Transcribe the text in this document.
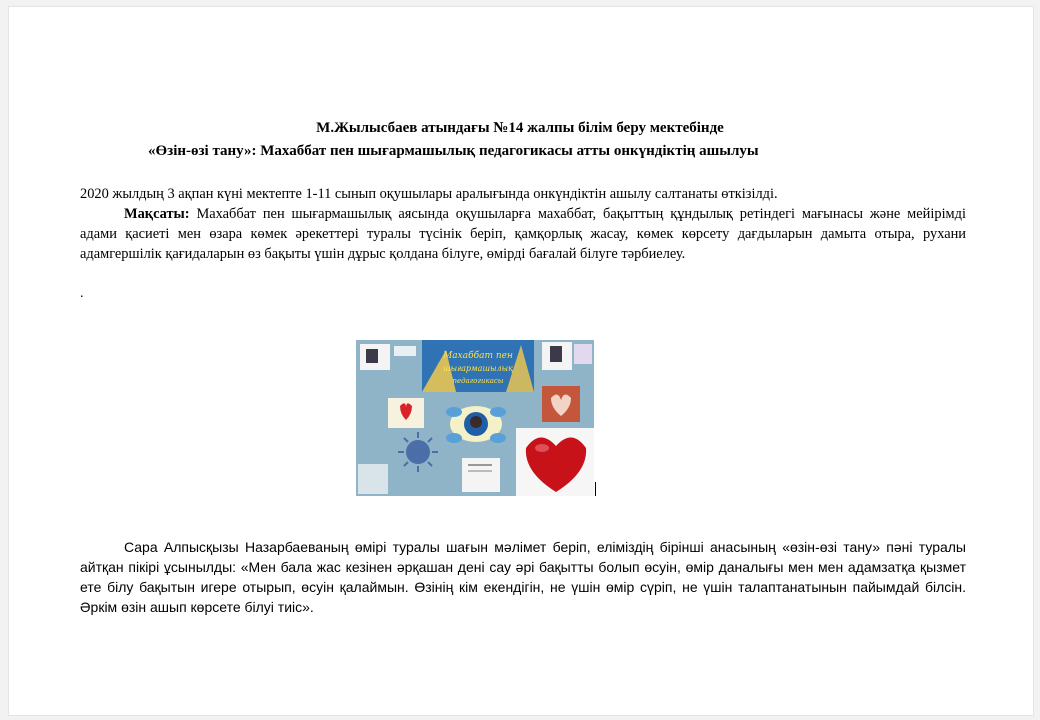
М.Жылысбаев атындағы №14 жалпы білім беру мектебінде
«Өзін-өзі тану»: Махаббат пен шығармашылық педагогикасы атты онкүндіктің ашылуы
2020 жылдың 3 ақпан күні мектепте 1-11 сынып оқушылары аралығында онкүндіктін ашылу салтанаты өткізілді.
Мақсаты: Махаббат пен шығармашылық аясында оқушыларға махаббат, бақыттың құндылық ретіндегі мағынасы және мейірімді адами қасиеті мен өзара көмек әрекеттері туралы түсінік беріп, қамқорлық жасау, көмек көрсету дағдыларын дамыта отыра, рухани адамгершілік қағидаларын өз бақыты үшін дұрыс қолдана білуге, өмірді бағалай білуге тәрбиелеу.
.
Махаббат пен
шығармашылық
педагогикасы
Сара Алпысқызы Назарбаеваның өмірі туралы шағын мәлімет беріп, еліміздің бірінші анасының «өзін-өзі тану» пәні туралы айтқан пікірі ұсынылды: «Мен бала жас кезінен әрқашан дені сау әрі бақытты болып өсуін, өмір даналығы мен мен адамзатқа қызмет ете білу бақытын игере отырып, өсуін қалаймын. Өзінің кім екендігін, не үшін өмір сүріп, не үшін талаптанатынын пайымдай білсін. Әркім өзін ашып көрсете білуі тиіс».
